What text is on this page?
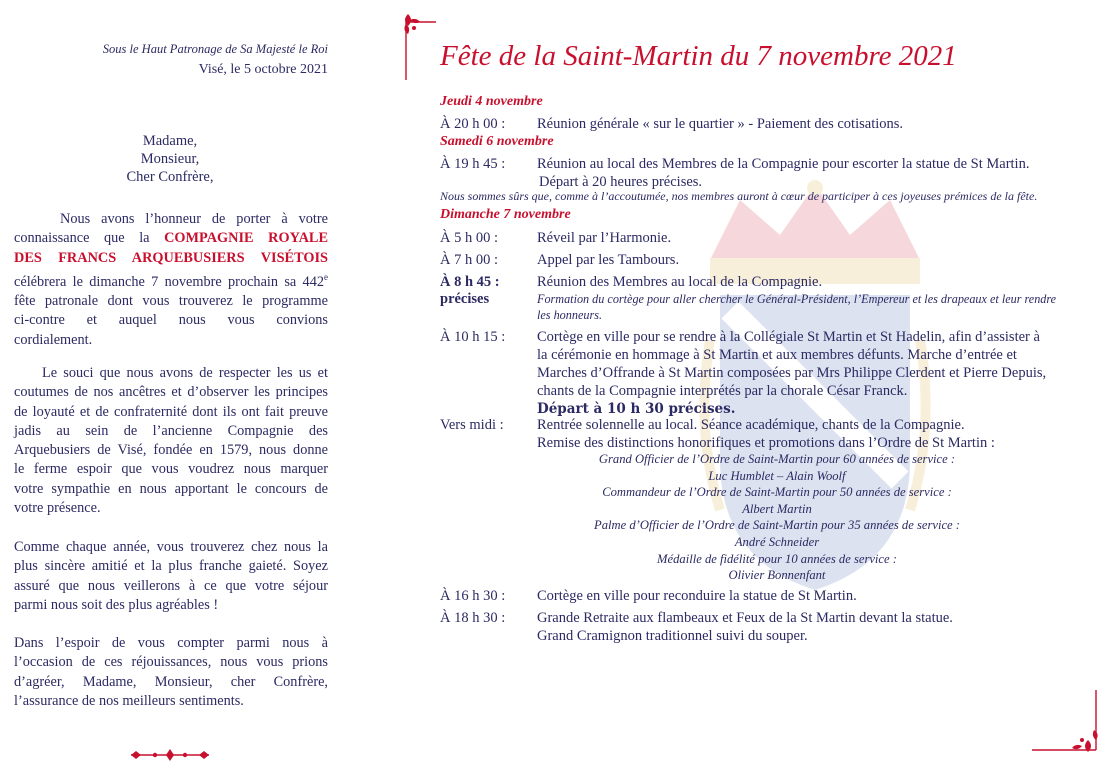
Sous le Haut Patronage de Sa Majesté le Roi
Visé, le 5 octobre 2021
Madame,
Monsieur,
Cher Confrère,
Nous avons l’honneur de porter à votre
connaissance que la COMPAGNIE ROYALE
DES FRANCS ARQUEBUSIERS VISÉTOIS
célébrera le dimanche 7 novembre prochain sa 442e
fête patronale dont vous trouverez le programme
ci-contre et auquel nous vous convions
cordialement.
Le souci que nous avons de respecter les us et
coutumes de nos ancêtres et d’observer les principes
de loyauté et de confraternité dont ils ont fait preuve
jadis au sein de l’ancienne Compagnie des
Arquebusiers de Visé, fondée en 1579, nous donne
le ferme espoir que vous voudrez nous marquer
votre sympathie en nous apportant le concours de
votre présence.
Comme chaque année, vous trouverez chez nous la
plus sincère amitié et la plus franche gaieté. Soyez
assuré que nous veillerons à ce que votre séjour
parmi nous soit des plus agréables !
Dans l’espoir de vous compter parmi nous à
l’occasion de ces réjouissances, nous vous prions
d’agréer, Madame, Monsieur, cher Confrère,
l’assurance de nos meilleurs sentiments.
Fête de la Saint-Martin du 7 novembre 2021
Jeudi 4 novembre
À 20 h 00 : Réunion générale « sur le quartier » - Paiement des cotisations.
Samedi 6 novembre
À 19 h 45 : Réunion au local des Membres de la Compagnie pour escorter la statue de St Martin.
Départ à 20 heures précises.
Nous sommes sûrs que, comme à l’accoutumée, nos membres auront à cœur de participer à ces joyeuses prémices de la fête.
Dimanche 7 novembre
À 5 h 00 :	Réveil par l’Harmonie.
À 7 h 00 :	Appel par les Tambours.
À 8 h 45 :
précises
Réunion des Membres au local de la Compagnie.
Formation du cortège pour aller chercher le Général-Président, l’Empereur et les drapeaux et leur rendre
les honneurs.
À 10 h 15 : Cortège en ville pour se rendre à la Collégiale St Martin et St Hadelin, afin d’assister à
la cérémonie en hommage à St Martin et aux membres défunts. Marche d’entrée et
Marches d’Offrande à St Martin composées par Mrs Philippe Clerdent et Pierre Depuis,
chants de la Compagnie interprétés par la chorale César Franck.
Départ à 10 h 30 précises.
Vers midi : Rentrée solennelle au local. Séance académique, chants de la Compagnie.
Remise des distinctions honorifiques et promotions dans l’Ordre de St Martin :
Grand Officier de l’Ordre de Saint-Martin pour 60 années de service :
Luc Humblet – Alain Woolf
Commandeur de l’Ordre de Saint-Martin pour 50 années de service :
Albert Martin
Palme d’Officier de l’Ordre de Saint-Martin pour 35 années de service :
André Schneider
Médaille de fidélité pour 10 années de service :
Olivier Bonnenfant
À 16 h 30 : Cortège en ville pour reconduire la statue de St Martin.
À 18 h 30 : Grande Retraite aux flambeaux et Feux de la St Martin devant la statue.
Grand Cramignon traditionnel suivi du souper.
